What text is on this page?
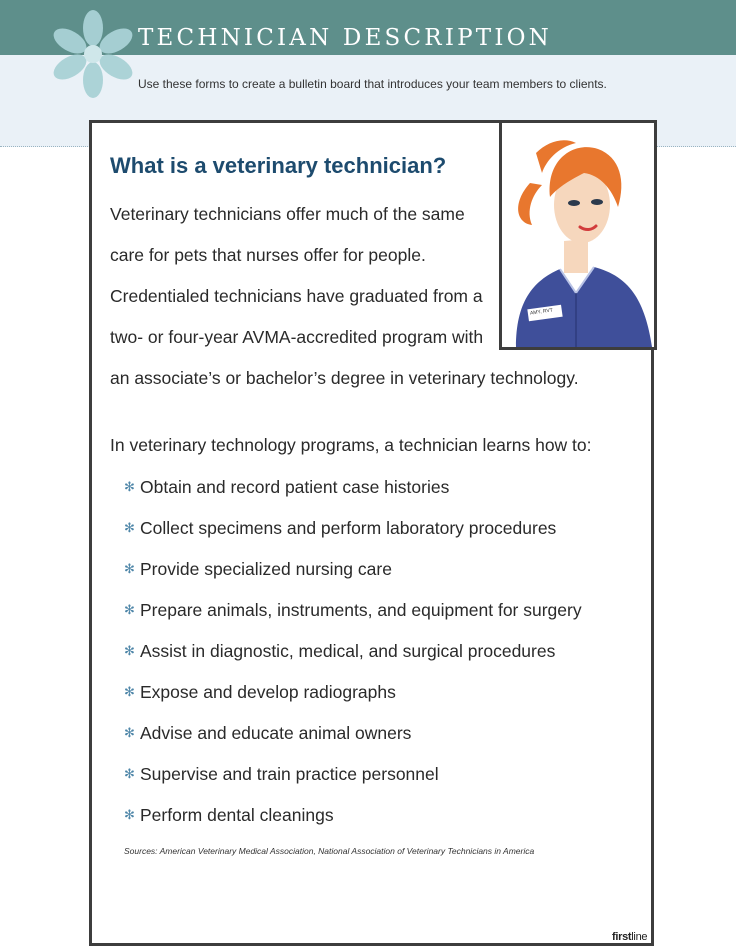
TECHNICIAN DESCRIPTION
Use these forms to create a bulletin board that introduces your team members to clients.
AMY, RVT
What is a veterinary technician?
Veterinary technicians offer much of the same
care for pets that nurses offer for people.
Credentialed technicians have graduated from a
two- or four-year AVMA-accredited program with
an associate’s or bachelor’s degree in veterinary technology.
In veterinary technology programs, a technician learns how to:
✻ Obtain and record patient case histories
✻ Collect specimens and perform laboratory procedures
✻ Provide specialized nursing care
✻ Prepare animals, instruments, and equipment for surgery
✻ Assist in diagnostic, medical, and surgical procedures
✻ Expose and develop radiographs
✻ Advise and educate animal owners
✻ Supervise and train practice personnel
✻ Perform dental cleanings
Sources: American Veterinary Medical Association, National Association of Veterinary Technicians in America
firstline
